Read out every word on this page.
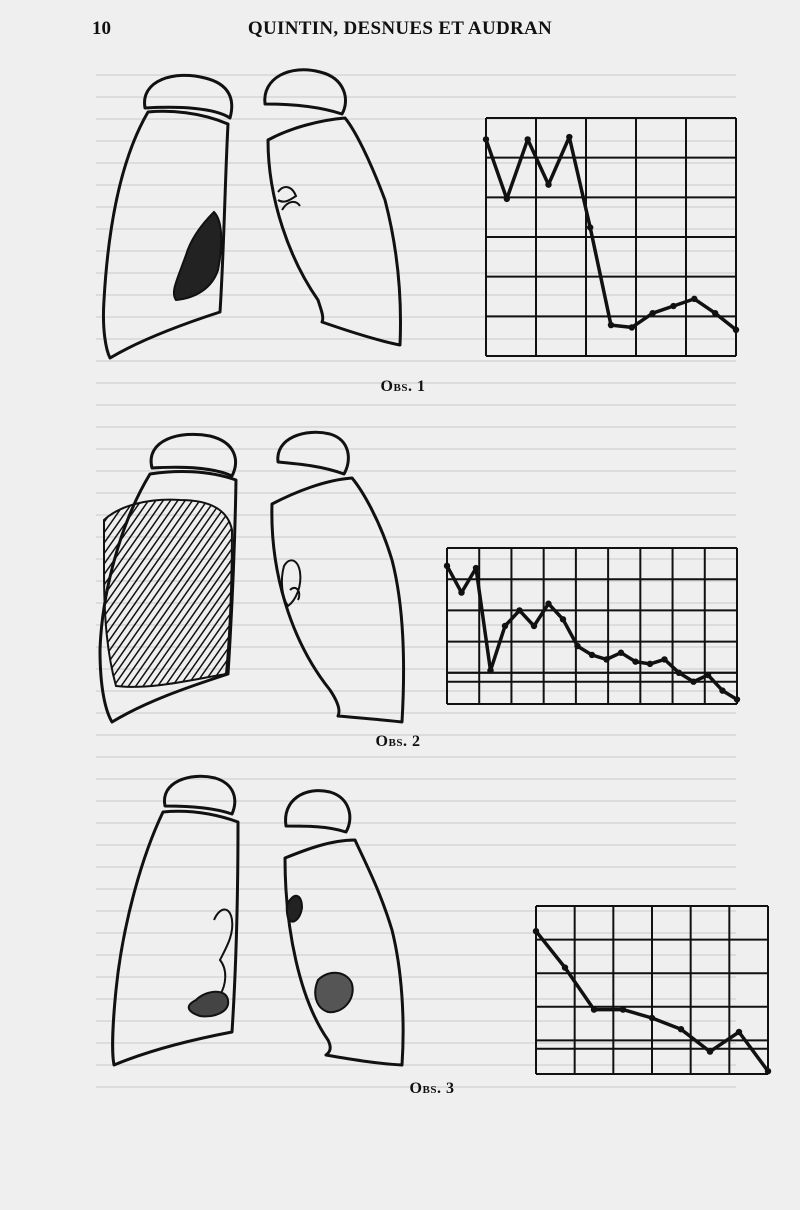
10	QUINTIN, DESNUES ET AUDRAN
Obs. 1
Obs. 2
Obs. 3
